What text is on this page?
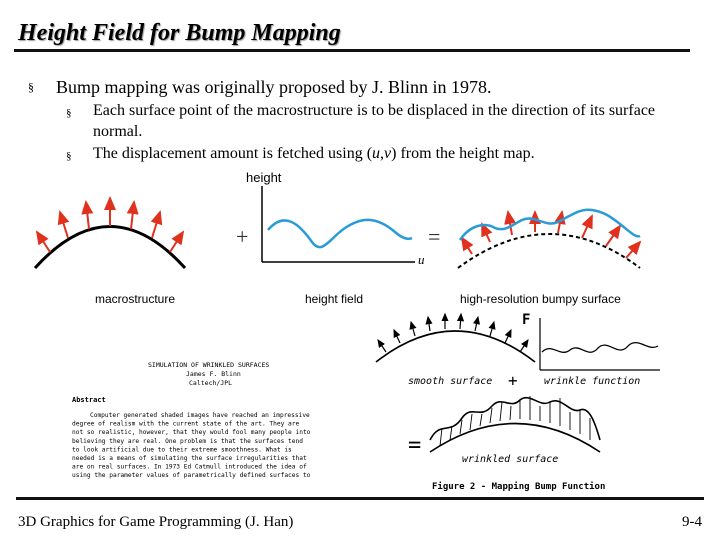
Height Field for Bump Mapping
§ Bump mapping was originally proposed by J. Blinn in 1978.
§ Each surface point of the macrostructure is to be displaced in the direction of its surface normal.
§ The displacement amount is fetched using (u,v) from the height map.
+
height
u
=
macrostructure	height field	high-resolution bumpy surface
F
smooth surface +	wrinkle function
=
wrinkled surface
Figure 2 - Mapping Bump Function
SIMULATION OF WRINKLED SURFACES
James F. Blinn
Caltech/JPL
Abstract
Computer generated shaded images have reached an impressive
degree of realism with the current state of the art. They are
not so realistic, however, that they would fool many people into
believing they are real. One problem is that the surfaces tend
to look artificial due to their extreme smoothness. What is
needed is a means of simulating the surface irregularities that
are on real surfaces. In 1973 Ed Catmull introduced the idea of
using the parameter values of parametrically defined surfaces to
3D Graphics for Game Programming (J. Han)	9-4
